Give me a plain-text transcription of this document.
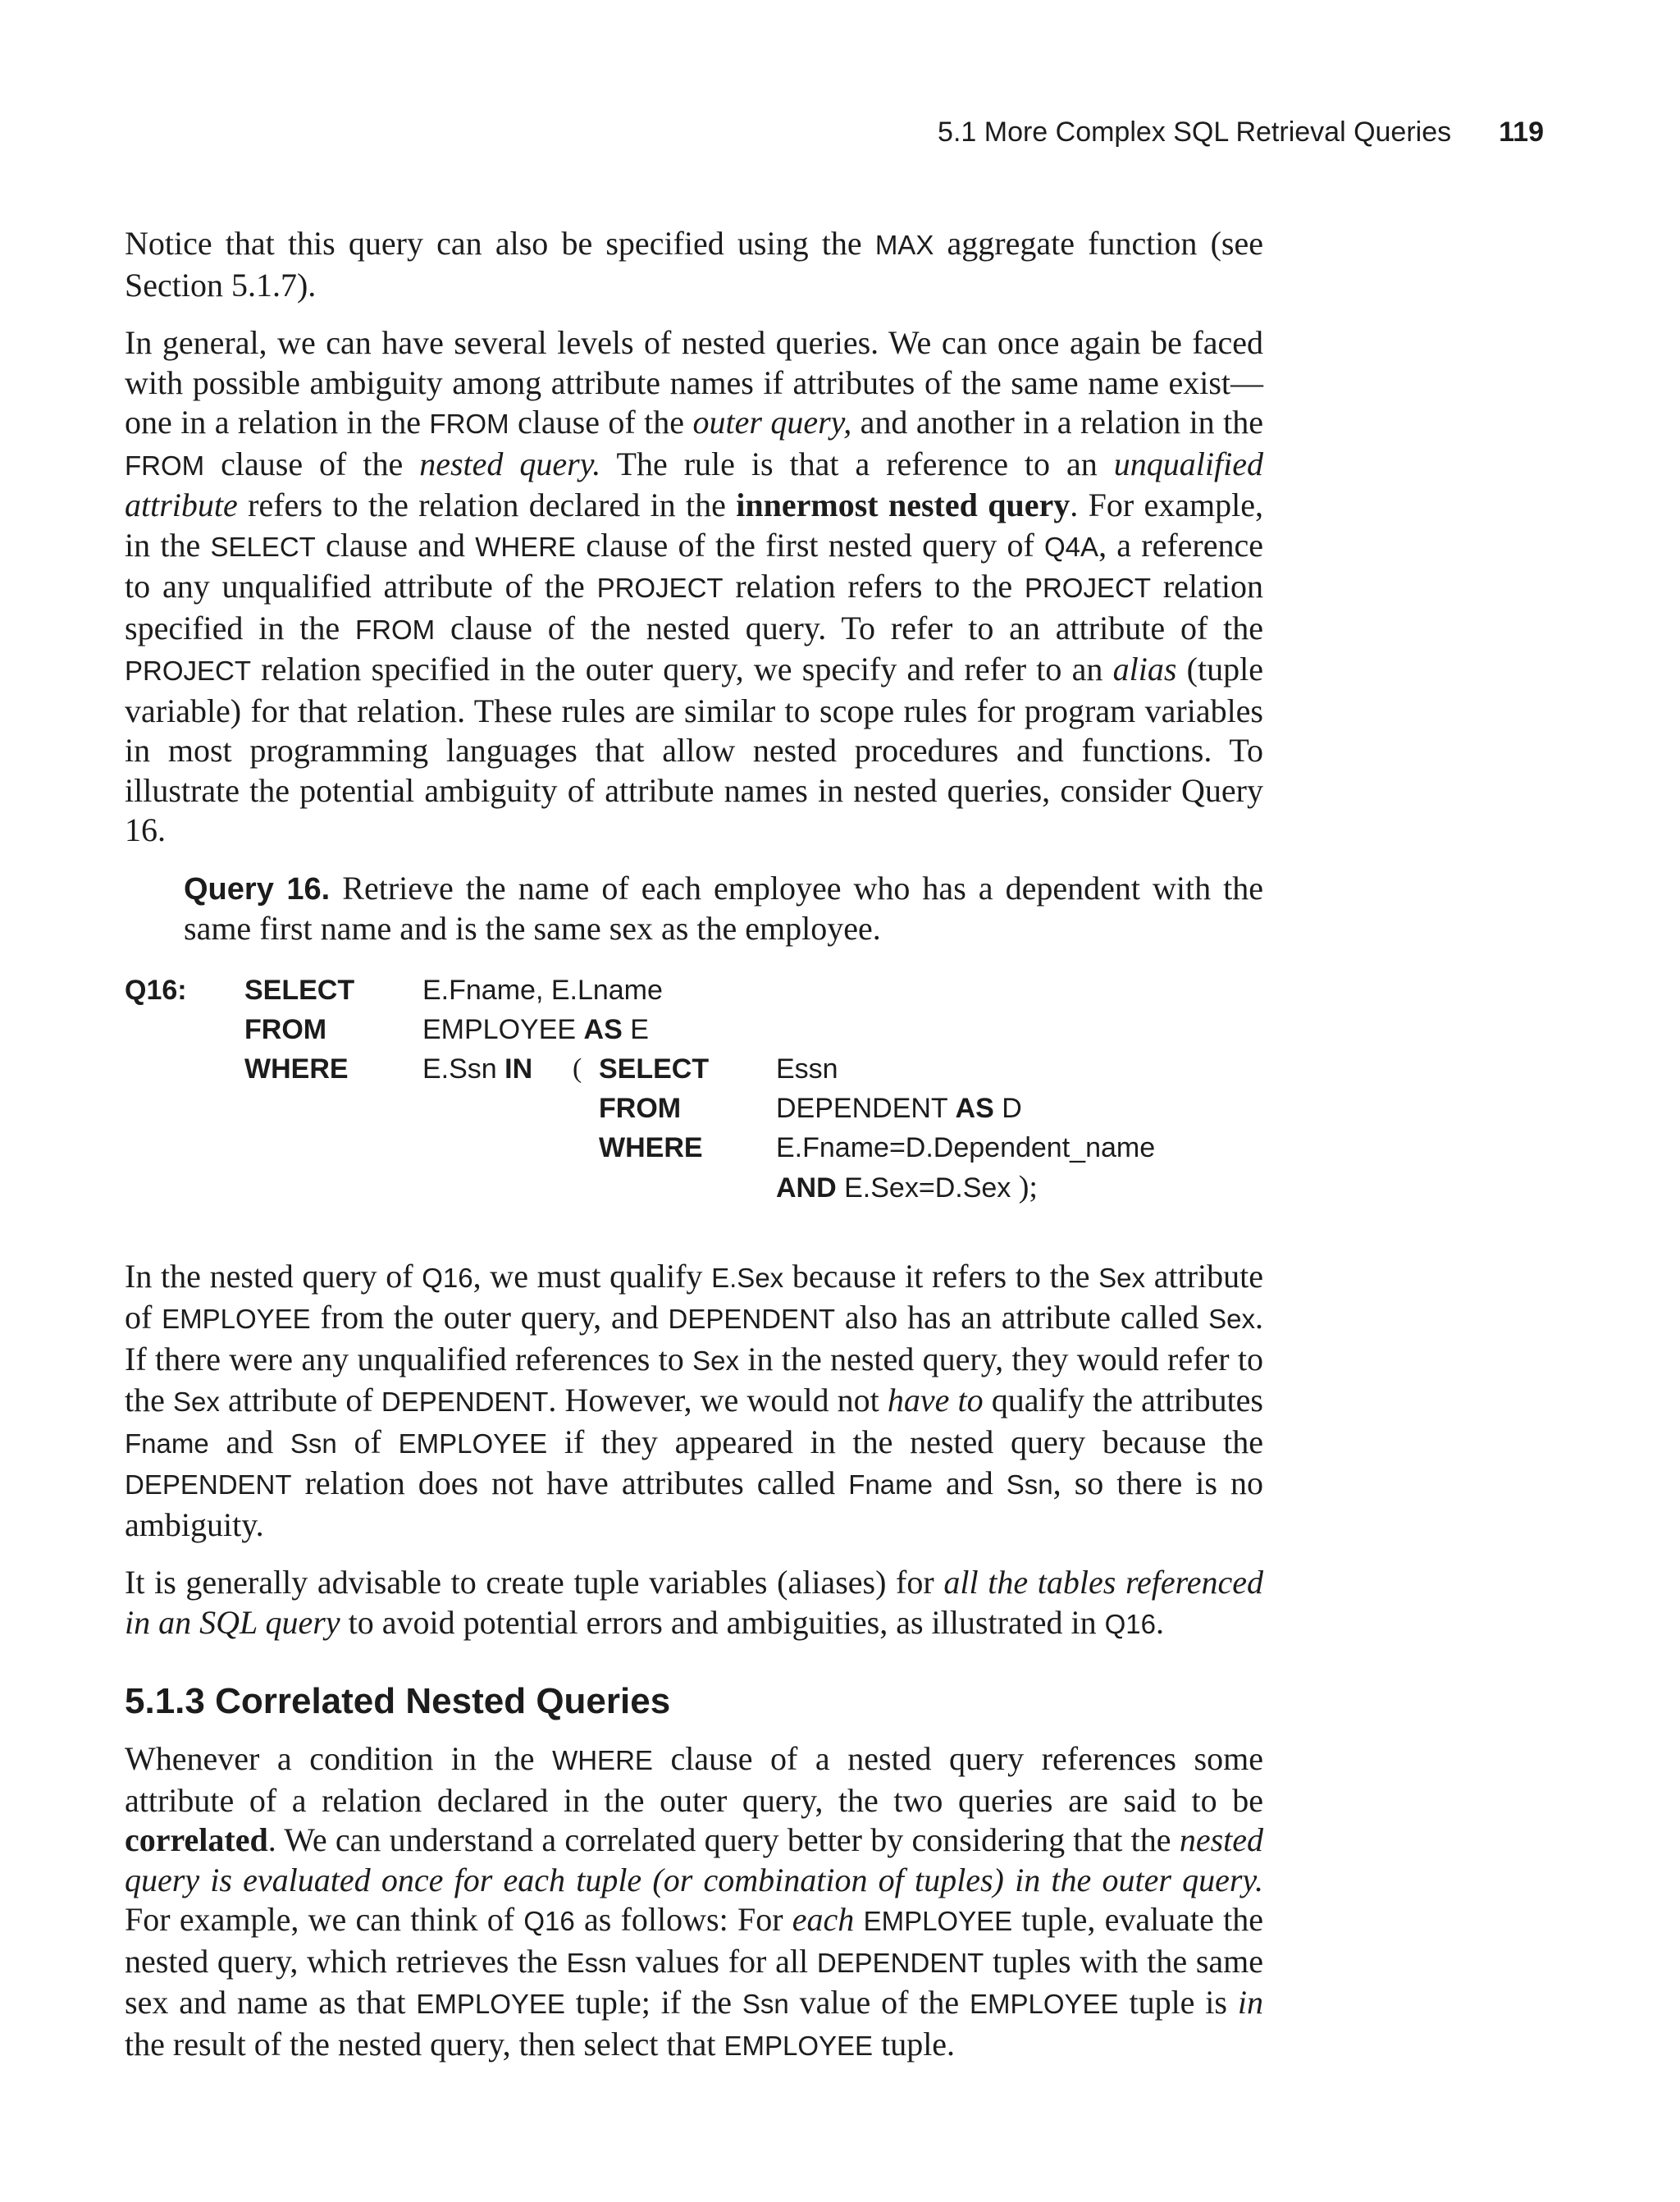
5.1 More Complex SQL Retrieval Queries 119

Notice that this query can also be specified using the MAX aggregate function (see Section 5.1.7).

In general, we can have several levels of nested queries. We can once again be faced with possible ambiguity among attribute names if attributes of the same name exist—one in a relation in the FROM clause of the outer query, and another in a relation in the FROM clause of the nested query. The rule is that a reference to an unqualified attribute refers to the relation declared in the innermost nested query. For example, in the SELECT clause and WHERE clause of the first nested query of Q4A, a reference to any unqualified attribute of the PROJECT relation refers to the PROJECT relation specified in the FROM clause of the nested query. To refer to an attribute of the PROJECT relation specified in the outer query, we specify and refer to an alias (tuple variable) for that relation. These rules are similar to scope rules for program variables in most programming languages that allow nested procedures and functions. To illustrate the potential ambiguity of attribute names in nested queries, consider Query 16.

Query 16. Retrieve the name of each employee who has a dependent with the same first name and is the same sex as the employee.

Q16: SELECT E.Fname, E.Lname
FROM	EMPLOYEE AS E
WHERE	E.Ssn IN ( SELECT Essn
FROM	DEPENDENT AS D
WHERE	E.Fname=D.Dependent_name
AND E.Sex=D.Sex );

In the nested query of Q16, we must qualify E.Sex because it refers to the Sex attribute of EMPLOYEE from the outer query, and DEPENDENT also has an attribute called Sex. If there were any unqualified references to Sex in the nested query, they would refer to the Sex attribute of DEPENDENT. However, we would not have to qualify the attributes Fname and Ssn of EMPLOYEE if they appeared in the nested query because the DEPENDENT relation does not have attributes called Fname and Ssn, so there is no ambiguity.

It is generally advisable to create tuple variables (aliases) for all the tables referenced in an SQL query to avoid potential errors and ambiguities, as illustrated in Q16.

5.1.3 Correlated Nested Queries

Whenever a condition in the WHERE clause of a nested query references some attribute of a relation declared in the outer query, the two queries are said to be correlated. We can understand a correlated query better by considering that the nested query is evaluated once for each tuple (or combination of tuples) in the outer query. For example, we can think of Q16 as follows: For each EMPLOYEE tuple, evaluate the nested query, which retrieves the Essn values for all DEPENDENT tuples with the same sex and name as that EMPLOYEE tuple; if the Ssn value of the EMPLOYEE tuple is in the result of the nested query, then select that EMPLOYEE tuple.
